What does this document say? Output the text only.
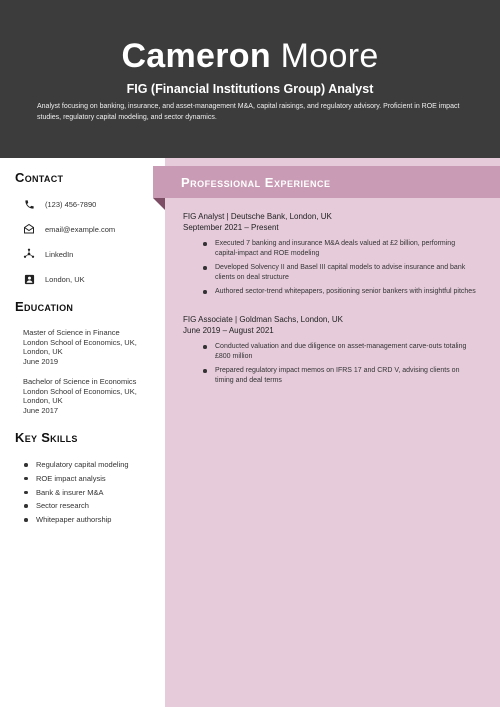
Cameron Moore
FIG (Financial Institutions Group) Analyst
Analyst focusing on banking, insurance, and asset-management M&A, capital raisings, and regulatory advisory. Proficient in ROE impact studies, regulatory capital modeling, and sector dynamics.
Professional Experience
FIG Analyst | Deutsche Bank, London, UK
September 2021 – Present
Executed 7 banking and insurance M&A deals valued at £2 billion, performing capital-impact and ROE modeling
Developed Solvency II and Basel III capital models to advise insurance and bank clients on deal structure
Authored sector-trend whitepapers, positioning senior bankers with insightful pitches
FIG Associate | Goldman Sachs, London, UK
June 2019 – August 2021
Conducted valuation and due diligence on asset-management carve-outs totaling £800 million
Prepared regulatory impact memos on IFRS 17 and CRD V, advising clients on timing and deal terms
Contact
(123) 456-7890
email@example.com
LinkedIn
London, UK
Education
Master of Science in Finance
London School of Economics, UK,
London, UK
June 2019
Bachelor of Science in Economics
London School of Economics, UK,
London, UK
June 2017
Key Skills
Regulatory capital modeling
ROE impact analysis
Bank & insurer M&A
Sector research
Whitepaper authorship
